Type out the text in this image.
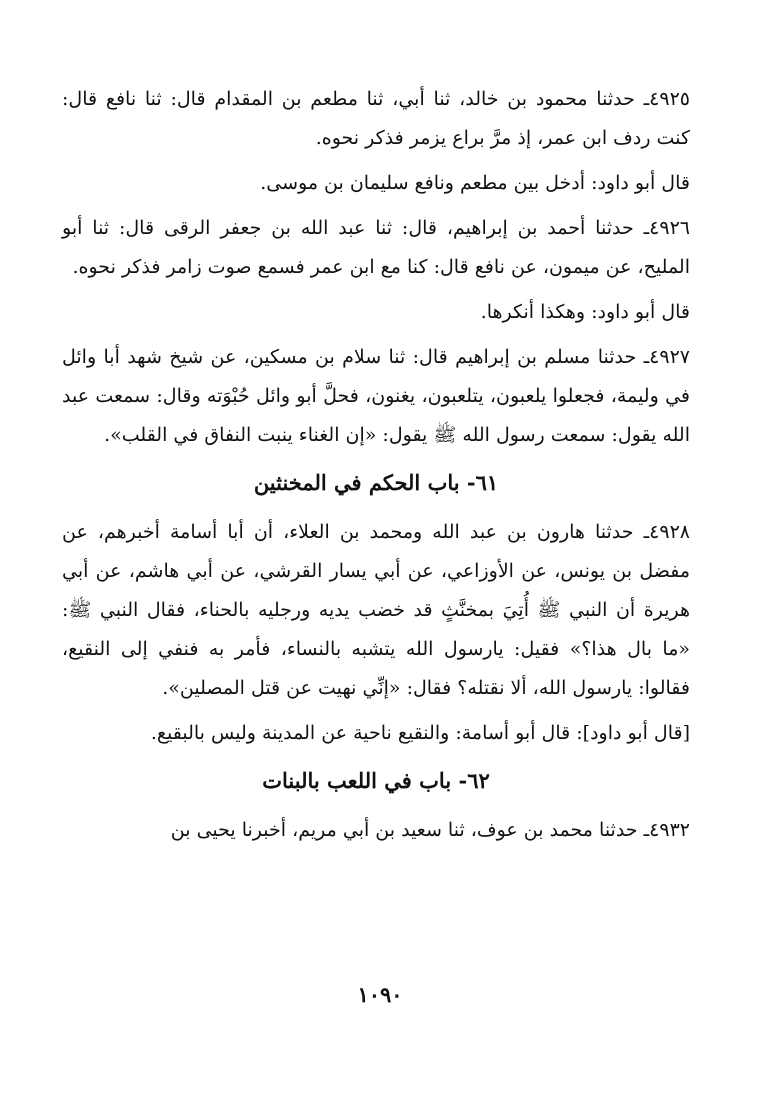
٤٩٢٥ـ حدثنا محمود بن خالد، ثنا أبي، ثنا مطعم بن المقدام قال: ثنا نافع قال: كنت ردف ابن عمر، إذ مرَّ براع يزمر فذكر نحوه.

قال أبو داود: أدخل بين مطعم ونافع سليمان بن موسى.

٤٩٢٦ـ حدثنا أحمد بن إبراهيم، قال: ثنا عبد الله بن جعفر الرقى قال: ثنا أبو المليح، عن ميمون، عن نافع قال: كنا مع ابن عمر فسمع صوت زامر فذكر نحوه.

قال أبو داود: وهكذا أنكرها.

٤٩٢٧ـ حدثنا مسلم بن إبراهيم قال: ثنا سلام بن مسكين، عن شيخ شهد أبا وائل في وليمة، فجعلوا يلعبون، يتلعبون، يغنون، فحلَّ أبو وائل حُبْوَته وقال: سمعت عبد الله يقول: سمعت رسول الله ﷺ يقول: «إن الغناء ينبت النفاق في القلب».

٦١- باب الحكم في المخنثين

٤٩٢٨ـ حدثنا هارون بن عبد الله ومحمد بن العلاء، أن أبا أسامة أخبرهم، عن مفضل بن يونس، عن الأوزاعي، عن أبي يسار القرشي، عن أبي هاشم، عن أبي هريرة أن النبي ﷺ أُتِيَ بمخنَّثٍ قد خضب يديه ورجليه بالحناء، فقال النبي ﷺ: «ما بال هذا؟» فقيل: يارسول الله يتشبه بالنساء، فأمر به فنفي إلى النقيع، فقالوا: يارسول الله، ألا نقتله؟ فقال: «إنِّي نهيت عن قتل المصلين».

[قال أبو داود]: قال أبو أسامة: والنقيع ناحية عن المدينة وليس بالبقيع.

٦٢- باب في اللعب بالبنات

٤٩٣٢ـ حدثنا محمد بن عوف، ثنا سعيد بن أبي مريم، أخبرنا يحيى بن

١٠٩٠
